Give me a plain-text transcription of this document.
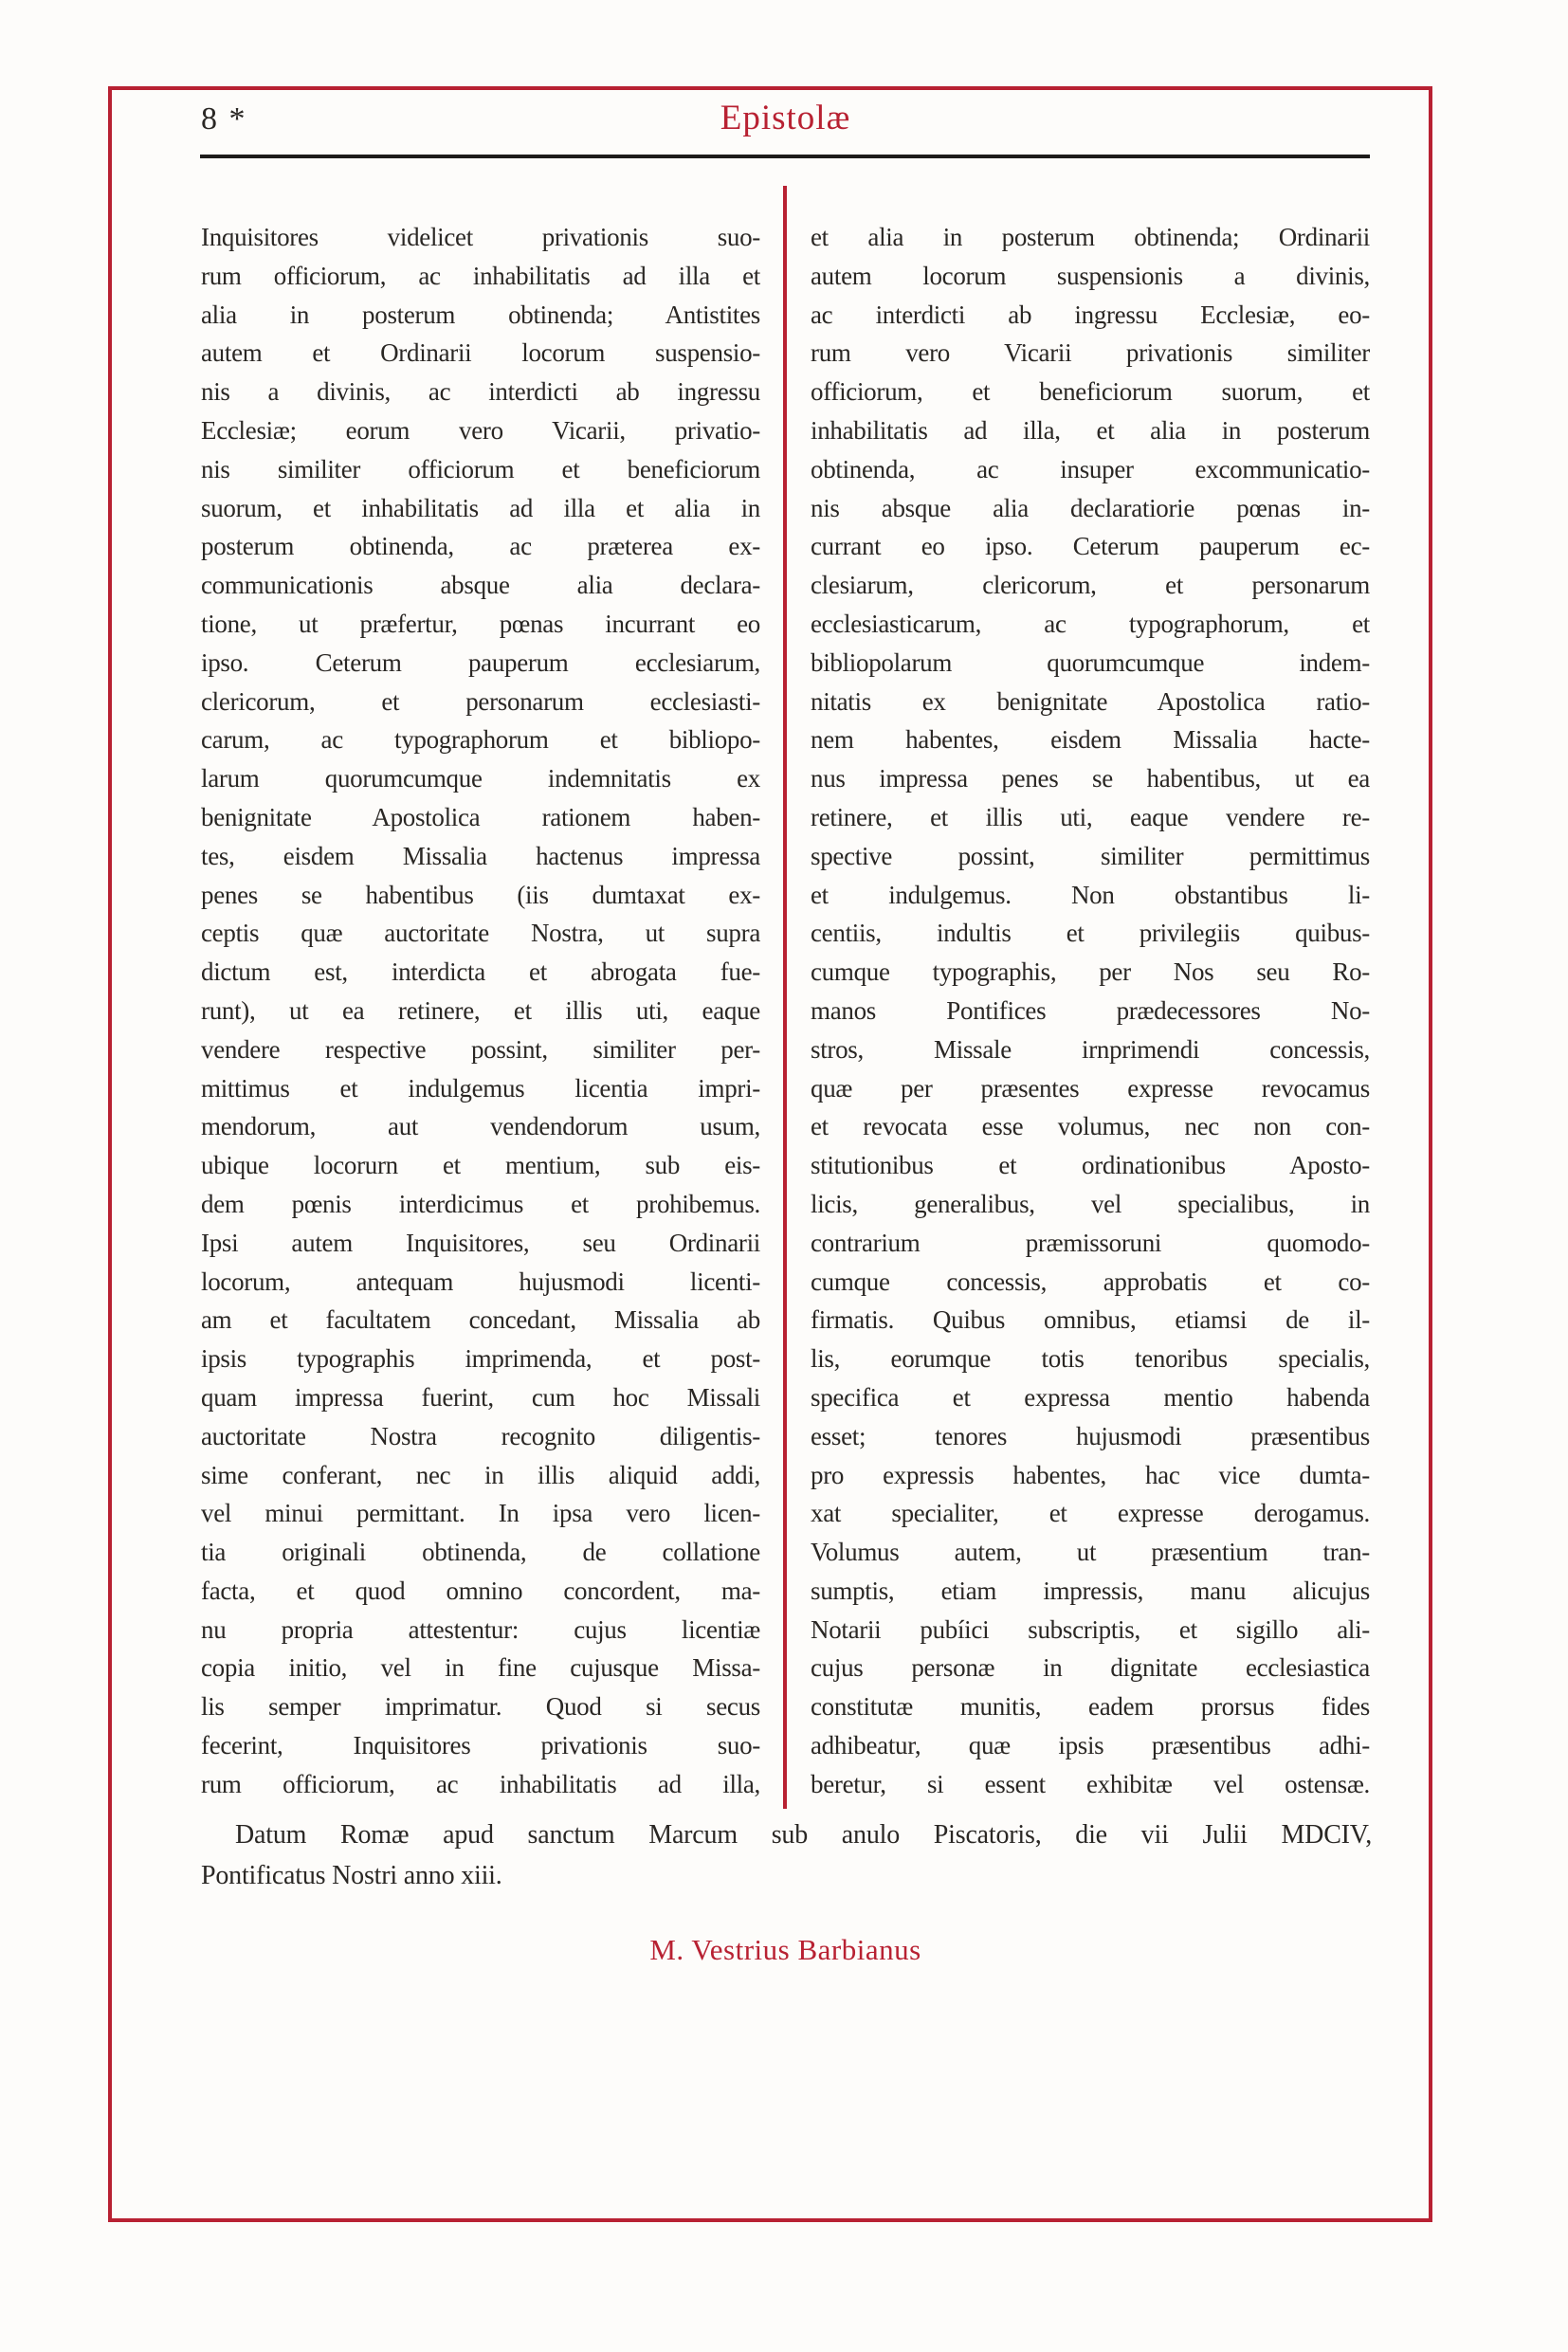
8 *	Epistolæ
Inquisitores videlicet privationis suo-
rum officiorum, ac inhabilitatis ad illa et
alia in posterum obtinenda; Antistites
autem et Ordinarii locorum suspensio-
nis a divinis, ac interdicti ab ingressu
Ecclesiæ; eorum vero Vicarii, privatio-
nis similiter officiorum et beneficiorum
suorum, et inhabilitatis ad illa et alia in
posterum obtinenda, ac præterea ex-
communicationis absque alia declara-
tione, ut præfertur, pœnas incurrant eo
ipso. Ceterum pauperum ecclesiarum,
clericorum, et personarum ecclesiasti-
carum, ac typographorum et bibliopo-
larum quorumcumque indemnitatis ex
benignitate Apostolica rationem haben-
tes, eisdem Missalia hactenus impressa
penes se habentibus (iis dumtaxat ex-
ceptis quæ auctoritate Nostra, ut supra
dictum est, interdicta et abrogata fue-
runt), ut ea retinere, et illis uti, eaque
vendere respective possint, similiter per-
mittimus et indulgemus licentia impri-
mendorum, aut vendendorum usum,
ubique locorurn et mentium, sub eis-
dem pœnis interdicimus et prohibemus.
Ipsi autem Inquisitores, seu Ordinarii
locorum, antequam hujusmodi licenti-
am et facultatem concedant, Missalia ab
ipsis typographis imprimenda, et post-
quam impressa fuerint, cum hoc Missali
auctoritate Nostra recognito diligentis-
sime conferant, nec in illis aliquid addi,
vel minui permittant. In ipsa vero licen-
tia originali obtinenda, de collatione
facta, et quod omnino concordent, ma-
nu propria attestentur: cujus licentiæ
copia initio, vel in fine cujusque Missa-
lis semper imprimatur. Quod si secus
fecerint, Inquisitores privationis suo-
rum officiorum, ac inhabilitatis ad illa,
et alia in posterum obtinenda; Ordinarii
autem locorum suspensionis a divinis,
ac interdicti ab ingressu Ecclesiæ, eo-
rum vero Vicarii privationis similiter
officiorum, et beneficiorum suorum, et
inhabilitatis ad illa, et alia in posterum
obtinenda, ac insuper excommunicatio-
nis absque alia declaratiorie pœnas in-
currant eo ipso. Ceterum pauperum ec-
clesiarum, clericorum, et personarum
ecclesiasticarum, ac typographorum, et
bibliopolarum quorumcumque indem-
nitatis ex benignitate Apostolica ratio-
nem habentes, eisdem Missalia hacte-
nus impressa penes se habentibus, ut ea
retinere, et illis uti, eaque vendere re-
spective possint, similiter permittimus
et indulgemus. Non obstantibus li-
centiis, indultis et privilegiis quibus-
cumque typographis, per Nos seu Ro-
manos Pontifices prædecessores No-
stros, Missale irnprimendi concessis,
quæ per præsentes expresse revocamus
et revocata esse volumus, nec non con-
stitutionibus et ordinationibus Aposto-
licis, generalibus, vel specialibus, in
contrarium præmissoruni quomodo-
cumque concessis, approbatis et co-
firmatis. Quibus omnibus, etiamsi de il-
lis, eorumque totis tenoribus specialis,
specifica et expressa mentio habenda
esset; tenores hujusmodi præsentibus
pro expressis habentes, hac vice dumta-
xat specialiter, et expresse derogamus.
Volumus autem, ut præsentium tran-
sumptis, etiam impressis, manu alicujus
Notarii pubíici subscriptis, et sigillo ali-
cujus personæ in dignitate ecclesiastica
constitutæ munitis, eadem prorsus fides
adhibeatur, quæ ipsis præsentibus adhi-
beretur, si essent exhibitæ vel ostensæ.
Datum Romæ apud sanctum Marcum sub anulo Piscatoris, die vii Julii MDCIV,
Pontificatus Nostri anno xiii.
M. Vestrius Barbianus
